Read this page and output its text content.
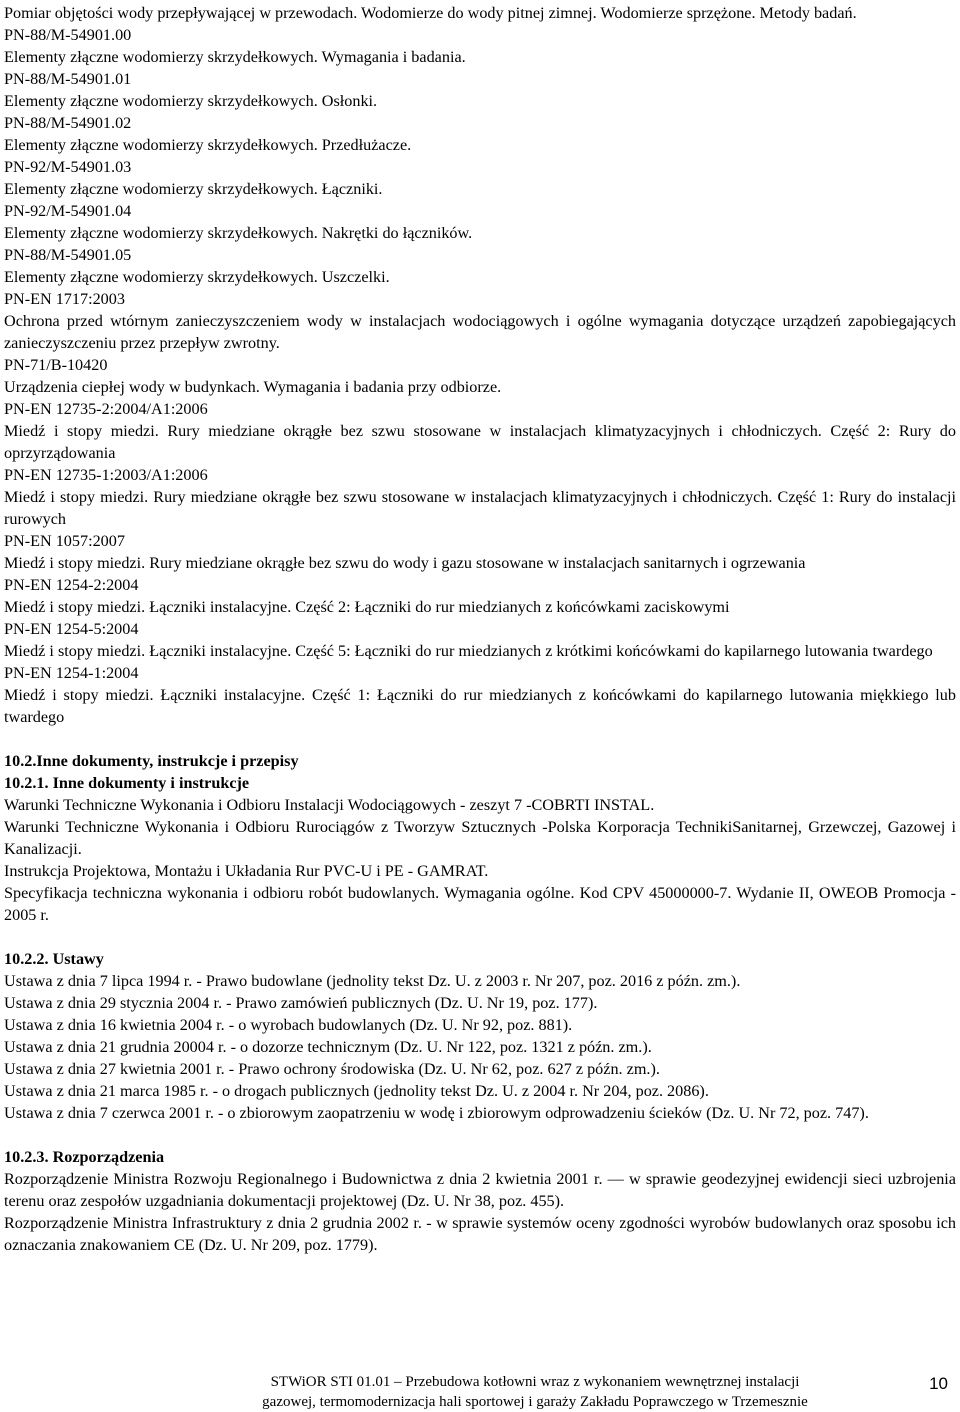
Pomiar objętości wody przepływającej w przewodach. Wodomierze do wody pitnej zimnej. Wodomierze sprzężone. Metody badań.

PN-88/M-54901.00

Elementy złączne wodomierzy skrzydełkowych. Wymagania i badania.

PN-88/M-54901.01

Elementy złączne wodomierzy skrzydełkowych. Osłonki.

PN-88/M-54901.02

Elementy złączne wodomierzy skrzydełkowych. Przedłużacze.

PN-92/M-54901.03

Elementy złączne wodomierzy skrzydełkowych. Łączniki.

PN-92/M-54901.04

Elementy złączne wodomierzy skrzydełkowych. Nakrętki do łączników.

PN-88/M-54901.05

Elementy złączne wodomierzy skrzydełkowych. Uszczelki.

PN-EN 1717:2003

Ochrona przed wtórnym zanieczyszczeniem wody w instalacjach wodociągowych i ogólne wymagania dotyczące urządzeń zapobiegających zanieczyszczeniu przez przepływ zwrotny.

PN-71/B-10420

Urządzenia ciepłej wody w budynkach. Wymagania i badania przy odbiorze.

PN-EN 12735-2:2004/A1:2006

Miedź i stopy miedzi. Rury miedziane okrągłe bez szwu stosowane w instalacjach klimatyzacyjnych i chłodniczych. Część 2: Rury do oprzyrządowania

PN-EN 12735-1:2003/A1:2006

Miedź i stopy miedzi. Rury miedziane okrągłe bez szwu stosowane w instalacjach klimatyzacyjnych i chłodniczych. Część 1: Rury do instalacji rurowych

PN-EN 1057:2007

Miedź i stopy miedzi. Rury miedziane okrągłe bez szwu do wody i gazu stosowane w instalacjach sanitarnych i ogrzewania

PN-EN 1254-2:2004

Miedź i stopy miedzi. Łączniki instalacyjne. Część 2: Łączniki do rur miedzianych z końcówkami zaciskowymi

PN-EN 1254-5:2004

Miedź i stopy miedzi. Łączniki instalacyjne. Część 5: Łączniki do rur miedzianych z krótkimi końcówkami do kapilarnego lutowania twardego

PN-EN 1254-1:2004

Miedź i stopy miedzi. Łączniki instalacyjne. Część 1: Łączniki do rur miedzianych z końcówkami do kapilarnego lutowania miękkiego lub twardego

10.2.Inne dokumenty, instrukcje i przepisy

10.2.1. Inne dokumenty i instrukcje

Warunki Techniczne Wykonania i Odbioru Instalacji Wodociągowych - zeszyt 7 -COBRTI INSTAL.

Warunki Techniczne Wykonania i Odbioru Rurociągów z Tworzyw Sztucznych -Polska Korporacja TechnikiSanitarnej, Grzewczej, Gazowej i Kanalizacji.

Instrukcja Projektowa, Montażu i Układania Rur PVC-U i PE - GAMRAT.

Specyfikacja techniczna wykonania i odbioru robót budowlanych. Wymagania ogólne. Kod CPV 45000000-7. Wydanie II, OWEOB Promocja - 2005 r.

10.2.2. Ustawy

Ustawa z dnia 7 lipca 1994 r. - Prawo budowlane (jednolity tekst Dz. U. z 2003 r. Nr 207, poz. 2016 z późn. zm.).

Ustawa z dnia 29 stycznia 2004 r. - Prawo zamówień publicznych (Dz. U. Nr 19, poz. 177).

Ustawa z dnia 16 kwietnia 2004 r. - o wyrobach budowlanych (Dz. U. Nr 92, poz. 881).

Ustawa z dnia 21 grudnia 20004 r. - o dozorze technicznym (Dz. U. Nr 122, poz. 1321 z późn. zm.).

Ustawa z dnia 27 kwietnia 2001 r. - Prawo ochrony środowiska (Dz. U. Nr 62, poz. 627 z późn. zm.).

Ustawa z dnia 21 marca 1985 r. - o drogach publicznych (jednolity tekst Dz. U. z 2004 r. Nr 204, poz. 2086).

Ustawa z dnia 7 czerwca 2001 r. - o zbiorowym zaopatrzeniu w wodę i zbiorowym odprowadzeniu ścieków (Dz. U. Nr 72, poz. 747).

10.2.3. Rozporządzenia

Rozporządzenie Ministra Rozwoju Regionalnego i Budownictwa z dnia 2 kwietnia 2001 r. — w sprawie geodezyjnej ewidencji sieci uzbrojenia terenu oraz zespołów uzgadniania dokumentacji projektowej (Dz. U. Nr 38, poz. 455).

Rozporządzenie Ministra Infrastruktury z dnia 2 grudnia 2002 r. - w sprawie systemów oceny zgodności wyrobów budowlanych oraz sposobu ich oznaczania znakowaniem CE (Dz. U. Nr 209, poz. 1779).

STWiOR STI 01.01 – Przebudowa kotłowni wraz z wykonaniem wewnętrznej instalacji
gazowej, termomodernizacja hali sportowej i garaży Zakładu Poprawczego w Trzemesznie
10
